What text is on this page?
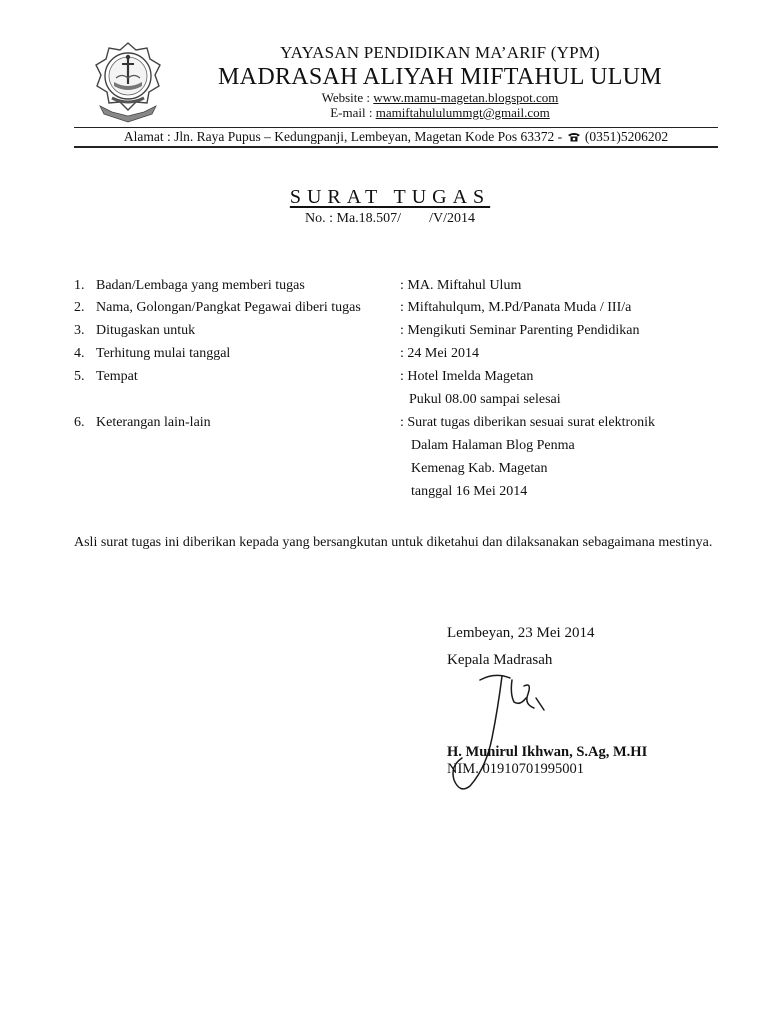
YAYASAN PENDIDIKAN MA’ARIF (YPM)
MADRASAH ALIYAH MIFTAHUL ULUM
Website : www.mamu-magetan.blogspot.com
E-mail : mamiftahululummgt@gmail.com
Alamat : Jln. Raya Pupus – Kedungpanji, Lembeyan, Magetan Kode Pos 63372 -  (0351)5206202
SURAT TUGAS
No. : Ma.18.507/        /V/2014
1. Badan/Lembaga yang memberi tugas	: MA. Miftahul Ulum
2. Nama, Golongan/Pangkat Pegawai diberi tugas	: Miftahulqum, M.Pd/Panata Muda / III/a
3. Ditugaskan untuk	: Mengikuti Seminar Parenting Pendidikan
4. Terhitung mulai tanggal	: 24 Mei 2014
5. Tempat	: Hotel Imelda Magetan
6. Keterangan lain-lain	: Surat tugas diberikan sesuai surat elektronik
Pukul 08.00 sampai selesai
Dalam Halaman Blog Penma
Kemenag Kab. Magetan
tanggal 16 Mei 2014
Asli surat tugas ini diberikan kepada yang bersangkutan untuk diketahui dan dilaksanakan sebagaimana mestinya.
Lembeyan, 23 Mei 2014
Kepala Madrasah
H. Munirul Ikhwan, S.Ag, M.HI
NIM. 01910701995001
